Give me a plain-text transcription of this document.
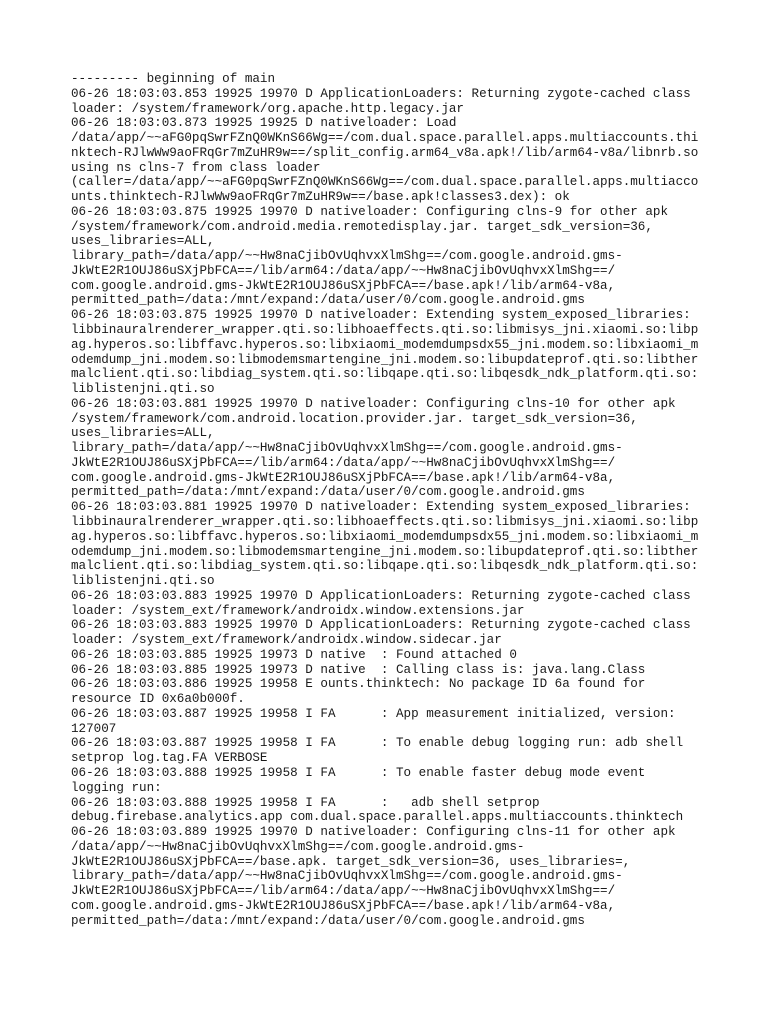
--------- beginning of main
06-26 18:03:03.853 19925 19970 D ApplicationLoaders: Returning zygote-cached class
loader: /system/framework/org.apache.http.legacy.jar
06-26 18:03:03.873 19925 19925 D nativeloader: Load
/data/app/~~aFG0pqSwrFZnQ0WKnS66Wg==/com.dual.space.parallel.apps.multiaccounts.thi
nktech-RJlwWw9aoFRqGr7mZuHR9w==/split_config.arm64_v8a.apk!/lib/arm64-v8a/libnrb.so
using ns clns-7 from class loader
(caller=/data/app/~~aFG0pqSwrFZnQ0WKnS66Wg==/com.dual.space.parallel.apps.multiacco
unts.thinktech-RJlwWw9aoFRqGr7mZuHR9w==/base.apk!classes3.dex): ok
06-26 18:03:03.875 19925 19970 D nativeloader: Configuring clns-9 for other apk
/system/framework/com.android.media.remotedisplay.jar. target_sdk_version=36,
uses_libraries=ALL,
library_path=/data/app/~~Hw8naCjibOvUqhvxXlmShg==/com.google.android.gms-
JkWtE2R1OUJ86uSXjPbFCA==/lib/arm64:/data/app/~~Hw8naCjibOvUqhvxXlmShg==/
com.google.android.gms-JkWtE2R1OUJ86uSXjPbFCA==/base.apk!/lib/arm64-v8a,
permitted_path=/data:/mnt/expand:/data/user/0/com.google.android.gms
06-26 18:03:03.875 19925 19970 D nativeloader: Extending system_exposed_libraries:
libbinauralrenderer_wrapper.qti.so:libhoaeffects.qti.so:libmisys_jni.xiaomi.so:libp
ag.hyperos.so:libffavc.hyperos.so:libxiaomi_modemdumpsdx55_jni.modem.so:libxiaomi_m
odemdump_jni.modem.so:libmodemsmartengine_jni.modem.so:libupdateprof.qti.so:libther
malclient.qti.so:libdiag_system.qti.so:libqape.qti.so:libqesdk_ndk_platform.qti.so:
liblistenjni.qti.so
06-26 18:03:03.881 19925 19970 D nativeloader: Configuring clns-10 for other apk
/system/framework/com.android.location.provider.jar. target_sdk_version=36,
uses_libraries=ALL,
library_path=/data/app/~~Hw8naCjibOvUqhvxXlmShg==/com.google.android.gms-
JkWtE2R1OUJ86uSXjPbFCA==/lib/arm64:/data/app/~~Hw8naCjibOvUqhvxXlmShg==/
com.google.android.gms-JkWtE2R1OUJ86uSXjPbFCA==/base.apk!/lib/arm64-v8a,
permitted_path=/data:/mnt/expand:/data/user/0/com.google.android.gms
06-26 18:03:03.881 19925 19970 D nativeloader: Extending system_exposed_libraries:
libbinauralrenderer_wrapper.qti.so:libhoaeffects.qti.so:libmisys_jni.xiaomi.so:libp
ag.hyperos.so:libffavc.hyperos.so:libxiaomi_modemdumpsdx55_jni.modem.so:libxiaomi_m
odemdump_jni.modem.so:libmodemsmartengine_jni.modem.so:libupdateprof.qti.so:libther
malclient.qti.so:libdiag_system.qti.so:libqape.qti.so:libqesdk_ndk_platform.qti.so:
liblistenjni.qti.so
06-26 18:03:03.883 19925 19970 D ApplicationLoaders: Returning zygote-cached class
loader: /system_ext/framework/androidx.window.extensions.jar
06-26 18:03:03.883 19925 19970 D ApplicationLoaders: Returning zygote-cached class
loader: /system_ext/framework/androidx.window.sidecar.jar
06-26 18:03:03.885 19925 19973 D native  : Found attached 0
06-26 18:03:03.885 19925 19973 D native  : Calling class is: java.lang.Class
06-26 18:03:03.886 19925 19958 E ounts.thinktech: No package ID 6a found for
resource ID 0x6a0b000f.
06-26 18:03:03.887 19925 19958 I FA      : App measurement initialized, version:
127007
06-26 18:03:03.887 19925 19958 I FA      : To enable debug logging run: adb shell
setprop log.tag.FA VERBOSE
06-26 18:03:03.888 19925 19958 I FA      : To enable faster debug mode event
logging run:
06-26 18:03:03.888 19925 19958 I FA      :   adb shell setprop
debug.firebase.analytics.app com.dual.space.parallel.apps.multiaccounts.thinktech
06-26 18:03:03.889 19925 19970 D nativeloader: Configuring clns-11 for other apk
/data/app/~~Hw8naCjibOvUqhvxXlmShg==/com.google.android.gms-
JkWtE2R1OUJ86uSXjPbFCA==/base.apk. target_sdk_version=36, uses_libraries=,
library_path=/data/app/~~Hw8naCjibOvUqhvxXlmShg==/com.google.android.gms-
JkWtE2R1OUJ86uSXjPbFCA==/lib/arm64:/data/app/~~Hw8naCjibOvUqhvxXlmShg==/
com.google.android.gms-JkWtE2R1OUJ86uSXjPbFCA==/base.apk!/lib/arm64-v8a,
permitted_path=/data:/mnt/expand:/data/user/0/com.google.android.gms
